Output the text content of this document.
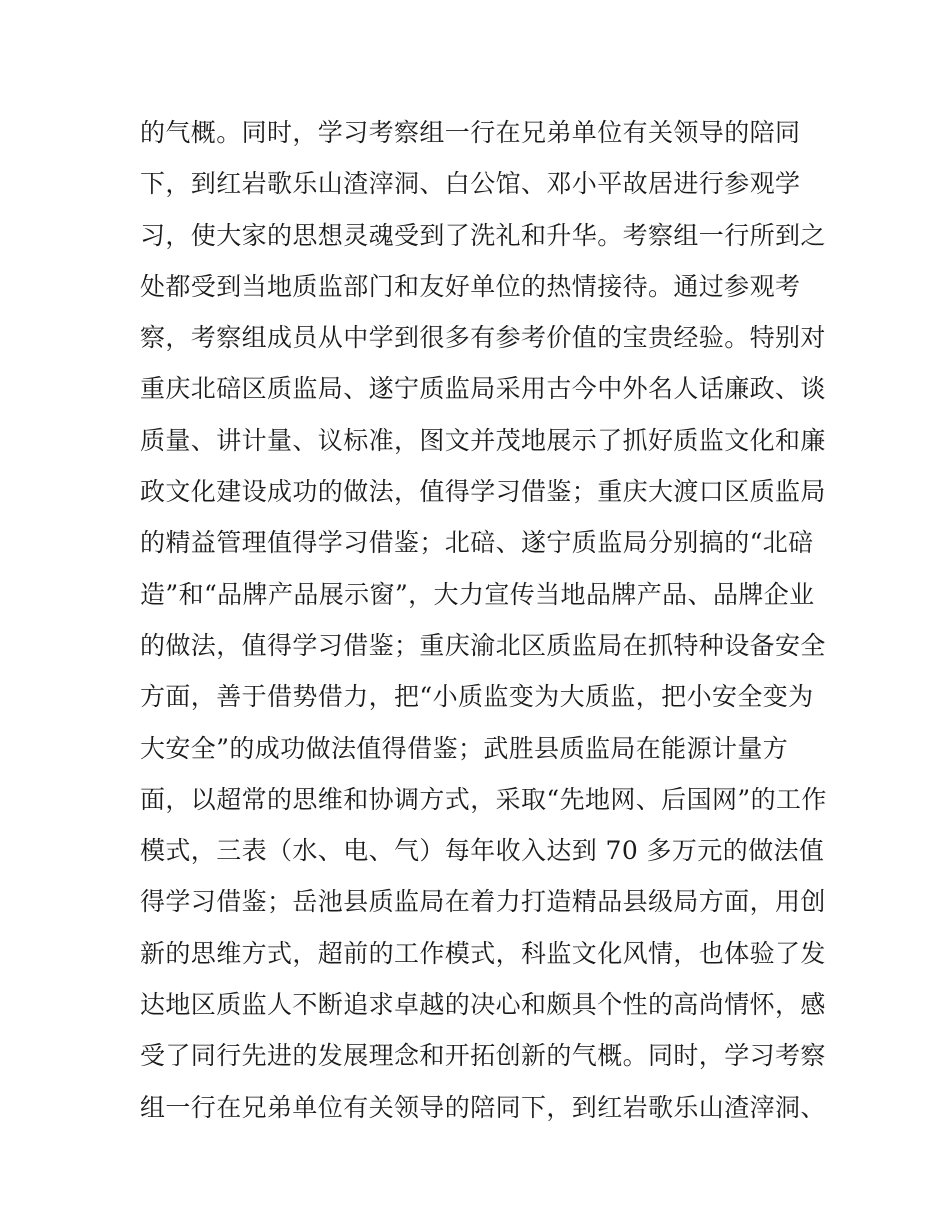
的气概。同时，学习考察组一行在兄弟单位有关领导的陪同
下，到红岩歌乐山渣滓洞、白公馆、邓小平故居进行参观学
习，使大家的思想灵魂受到了洗礼和升华。考察组一行所到之
处都受到当地质监部门和友好单位的热情接待。通过参观考
察，考察组成员从中学到很多有参考价值的宝贵经验。特别对
重庆北碚区质监局、遂宁质监局采用古今中外名人话廉政、谈
质量、讲计量、议标准，图文并茂地展示了抓好质监文化和廉
政文化建设成功的做法，值得学习借鉴；重庆大渡口区质监局
的精益管理值得学习借鉴；北碚、遂宁质监局分别搞的“北碚
造”和“品牌产品展示窗”，大力宣传当地品牌产品、品牌企业
的做法，值得学习借鉴；重庆渝北区质监局在抓特种设备安全
方面，善于借势借力，把“小质监变为大质监，把小安全变为
大安全”的成功做法值得借鉴；武胜县质监局在能源计量方
面，以超常的思维和协调方式，采取“先地网、后国网”的工作
模式，三表（水、电、气）每年收入达到 70 多万元的做法值
得学习借鉴；岳池县质监局在着力打造精品县级局方面，用创
新的思维方式，超前的工作模式，科监文化风情，也体验了发
达地区质监人不断追求卓越的决心和颇具个性的高尚情怀，感
受了同行先进的发展理念和开拓创新的气概。同时，学习考察
组一行在兄弟单位有关领导的陪同下，到红岩歌乐山渣滓洞、
